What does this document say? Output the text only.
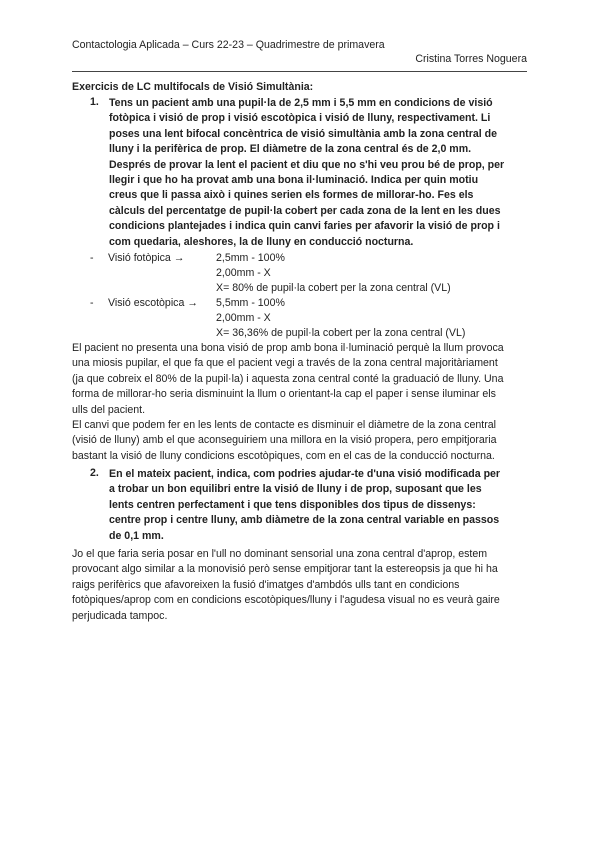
Contactologia Aplicada – Curs 22-23 – Quadrimestre de primavera
Cristina Torres Noguera
Exercicis de LC multifocals de Visió Simultània:
1. Tens un pacient amb una pupil·la de 2,5 mm i 5,5 mm en condicions de visió
fotòpica i visió de prop i visió escotòpica i visió de lluny, respectivament. Li
poses una lent bifocal concèntrica de visió simultània amb la zona central de
lluny i la perifèrica de prop. El diàmetre de la zona central és de 2,0 mm.
Després de provar la lent el pacient et diu que no s'hi veu prou bé de prop, per
llegir i que ho ha provat amb una bona il·luminació. Indica per quin motiu
creus que li passa això i quines serien els formes de millorar-ho. Fes els
càlculs del percentatge de pupil·la cobert per cada zona de la lent en les dues
condicions plantejades i indica quin canvi faries per afavorir la visió de prop i
com quedaria, aleshores, la de lluny en conducció nocturna.
- Visió fotòpica →	2,5mm - 100%
2,00mm - X
X= 80% de pupil·la cobert per la zona central (VL)
- Visió escotòpica → 5,5mm - 100%
2,00mm - X
X= 36,36% de pupil·la cobert per la zona central (VL)
El pacient no presenta una bona visió de prop amb bona il·luminació perquè la llum provoca
una miosis pupilar, el que fa que el pacient vegi a través de la zona central majoritàriament
(ja que cobreix el 80% de la pupil·la) i aquesta zona central conté la graduació de lluny. Una
forma de millorar-ho seria disminuint la llum o orientant-la cap el paper i sense iluminar els
ulls del pacient.
El canvi que podem fer en les lents de contacte es disminuir el diàmetre de la zona central
(visió de lluny) amb el que aconseguiriem una millora en la visió propera, pero empitjoraria
bastant la visió de lluny condicions escotòpiques, com en el cas de la conducció nocturna.
2. En el mateix pacient, indica, com podries ajudar-te d'una visió modificada per
a trobar un bon equilibri entre la visió de lluny i de prop, suposant que les
lents centren perfectament i que tens disponibles dos tipus de dissenys:
centre prop i centre lluny, amb diàmetre de la zona central variable en passos
de 0,1 mm.
Jo el que faria seria posar en l'ull no dominant sensorial una zona central d'aprop, estem
provocant algo similar a la monovisió però sense empitjorar tant la estereopsis ja que hi ha
raigs perifèrics que afavoreixen la fusió d'imatges d'ambdós ulls tant en condicions
fotòpiques/aprop com en condicions escotòpiques/lluny i l'agudesa visual no es veurà gaire
perjudicada tampoc.
